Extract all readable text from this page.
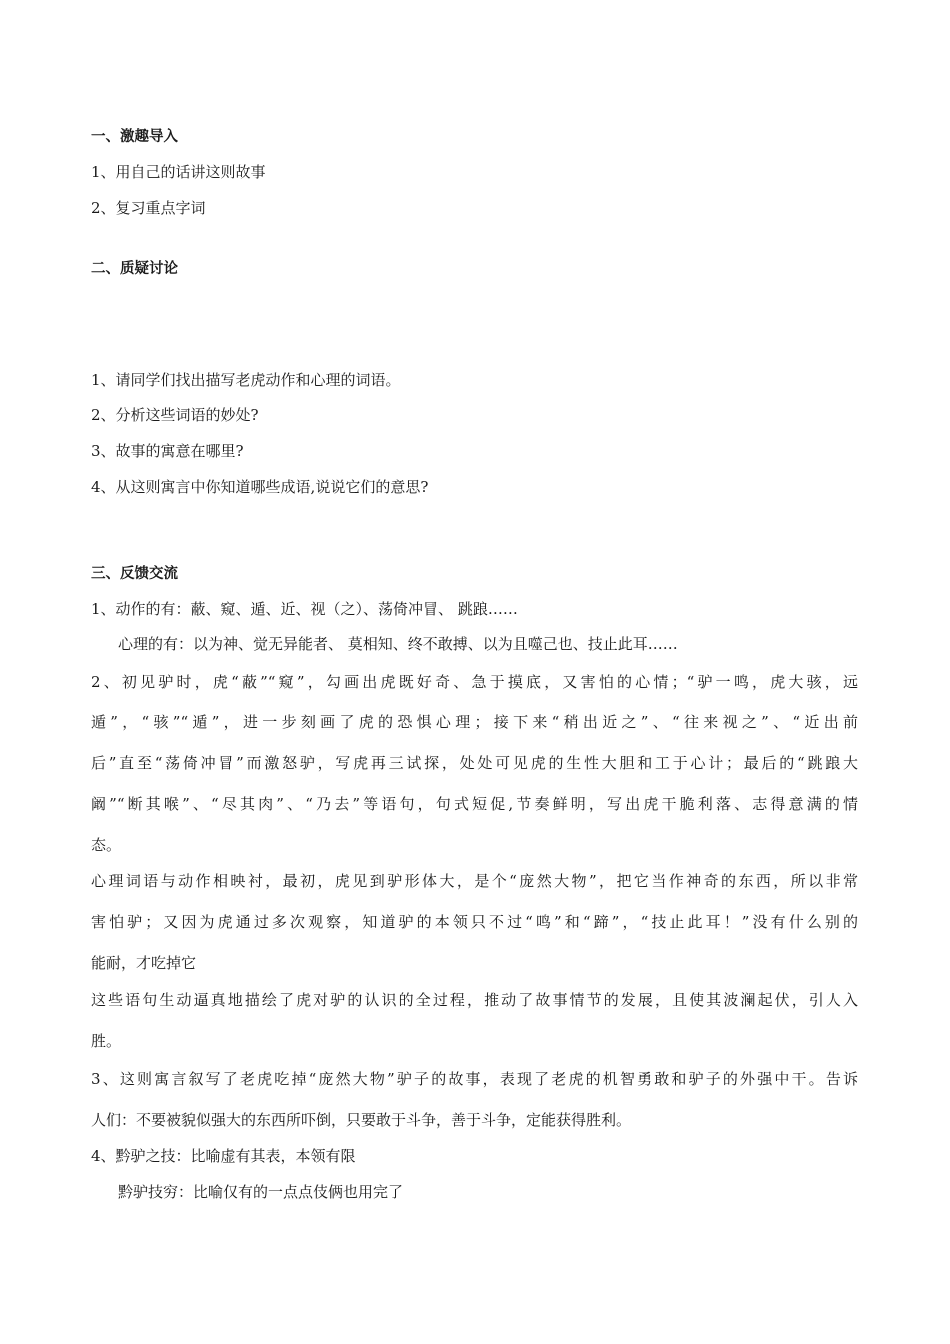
一、激趣导入
1、用自己的话讲这则故事
2、复习重点字词
二、质疑讨论
1、请同学们找出描写老虎动作和心理的词语。
2、分析这些词语的妙处?
3、故事的寓意在哪里?
4、从这则寓言中你知道哪些成语,说说它们的意思?
三、反馈交流
1、动作的有：蔽、窥、遁、近、视（之）、荡倚冲冒、 跳踉……
心理的有：以为神、觉无异能者、 莫相知、终不敢搏、以为且噬己也、技止此耳……
2、初见驴时，虎“蔽”“窥”，勾画出虎既好奇、急于摸底，又害怕的心情；“驴一鸣，虎大骇，远
遁”，“骇”“遁”，进一步刻画了虎的恐惧心理；接下来“稍出近之”、“往来视之”、“近出前
后”直至“荡倚冲冒”而激怒驴，写虎再三试探，处处可见虎的生性大胆和工于心计；最后的“跳踉大
阚”“断其喉”、“尽其肉”、“乃去”等语句，句式短促,节奏鲜明，写出虎干脆利落、志得意满的情
态。
心理词语与动作相映衬，最初，虎见到驴形体大，是个“庞然大物”，把它当作神奇的东西，所以非常
害怕驴；又因为虎通过多次观察，知道驴的本领只不过“鸣”和“蹄”，“技止此耳！”没有什么别的
能耐，才吃掉它
这些语句生动逼真地描绘了虎对驴的认识的全过程，推动了故事情节的发展，且使其波澜起伏，引人入
胜。
3、这则寓言叙写了老虎吃掉“庞然大物”驴子的故事，表现了老虎的机智勇敢和驴子的外强中干。告诉
人们：不要被貌似强大的东西所吓倒，只要敢于斗争，善于斗争，定能获得胜利。
4、黔驴之技：比喻虚有其表，本领有限
黔驴技穷：比喻仅有的一点点伎俩也用完了
